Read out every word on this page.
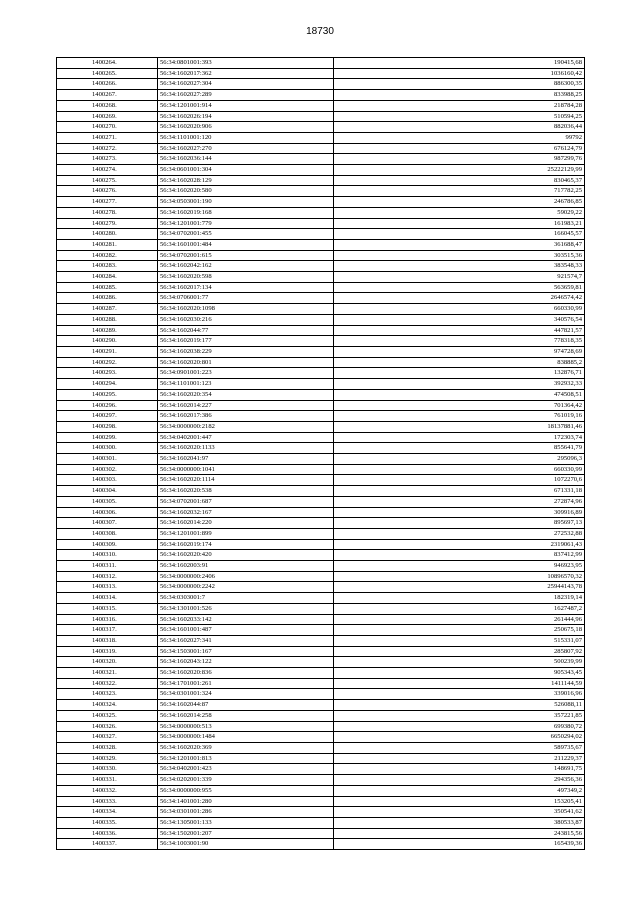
18730
1400264.	56:34:0801001:393	190415,68
1400265.	56:34:1602017:362	1036160,42
1400266.	56:34:1602027:304	886300,35
1400267.	56:34:1602027:289	833988,25
1400268.	56:34:1201001:914	218784,28
1400269.	56:34:1602026:194	510594,25
1400270.	56:34:1602020:906	882036,44
1400271.	56:34:1101001:120	99792
1400272.	56:34:1602027:270	676124,79
1400273.	56:34:1602036:144	987299,76
1400274.	56:34:0601001:304	25222129,99
1400275.	56:34:1602028:129	830465,37
1400276.	56:34:1602020:580	717782,25
1400277.	56:34:0503001:190	246786,85
1400278.	56:34:1602019:168	59029,22
1400279.	56:34:1201001:779	161983,21
1400280.	56:34:0702001:455	166045,57
1400281.	56:34:1601001:484	361688,47
1400282.	56:34:0702001:615	303515,36
1400283.	56:34:1602042:162	383548,33
1400284.	56:34:1602020:598	921574,7
1400285.	56:34:1602017:134	563659,81
1400286.	56:34:0706001:77	2646574,42
1400287.	56:34:1602020:1098	660330,99
1400288.	56:34:1602030:216	340576,54
1400289.	56:34:1602044:77	447821,57
1400290.	56:34:1602019:177	778318,35
1400291.	56:34:1602038:229	974728,69
1400292.	56:34:1602020:801	838885,2
1400293.	56:34:0901001:223	132876,71
1400294.	56:34:1101001:123	392932,33
1400295.	56:34:1602020:354	474508,51
1400296.	56:34:1602014:227	701364,42
1400297.	56:34:1602017:386	761019,16
1400298.	56:34:0000000:2182	18137881,46
1400299.	56:34:0402001:447	172303,74
1400300.	56:34:1602020:1133	855641,79
1400301.	56:34:1602041:97	295096,3
1400302.	56:34:0000000:1041	660330,99
1400303.	56:34:1602020:1114	1072270,6
1400304.	56:34:1602020:538	671331,18
1400305.	56:34:0702001:687	272874,96
1400306.	56:34:1602032:167	309916,89
1400307.	56:34:1602014:220	895697,13
1400308.	56:34:1201001:899	272532,88
1400309.	56:34:1602019:174	2319061,43
1400310.	56:34:1602020:420	837412,99
1400311.	56:34:1602003:91	946923,95
1400312.	56:34:0000000:2406	10896570,32
1400313.	56:34:0000000:2242	25944143,78
1400314.	56:34:0303001:7	182319,14
1400315.	56:34:1301001:526	1627487,2
1400316.	56:34:1602033:142	261444,96
1400317.	56:34:1601001:487	250675,18
1400318.	56:34:1602027:341	515331,07
1400319.	56:34:1503001:167	285807,92
1400320.	56:34:1602043:122	500239,99
1400321.	56:34:1602020:836	905343,45
1400322.	56:34:1701001:261	1411144,59
1400323.	56:34:0301001:324	339016,96
1400324.	56:34:1602044:87	526088,11
1400325.	56:34:1602014:258	357221,85
1400326.	56:34:0000000:513	699380,72
1400327.	56:34:0000000:1484	6650294,02
1400328.	56:34:1602020:369	589735,67
1400329.	56:34:1201001:813	211229,37
1400330.	56:34:0402001:423	148691,75
1400331.	56:34:0202001:339	294356,36
1400332.	56:34:0000000:955	497349,2
1400333.	56:34:1401001:280	153205,41
1400334.	56:34:0301001:286	350541,62
1400335.	56:34:1305001:133	380533,87
1400336.	56:34:1502001:207	243815,56
1400337.	56:34:1003001:90	165439,36
